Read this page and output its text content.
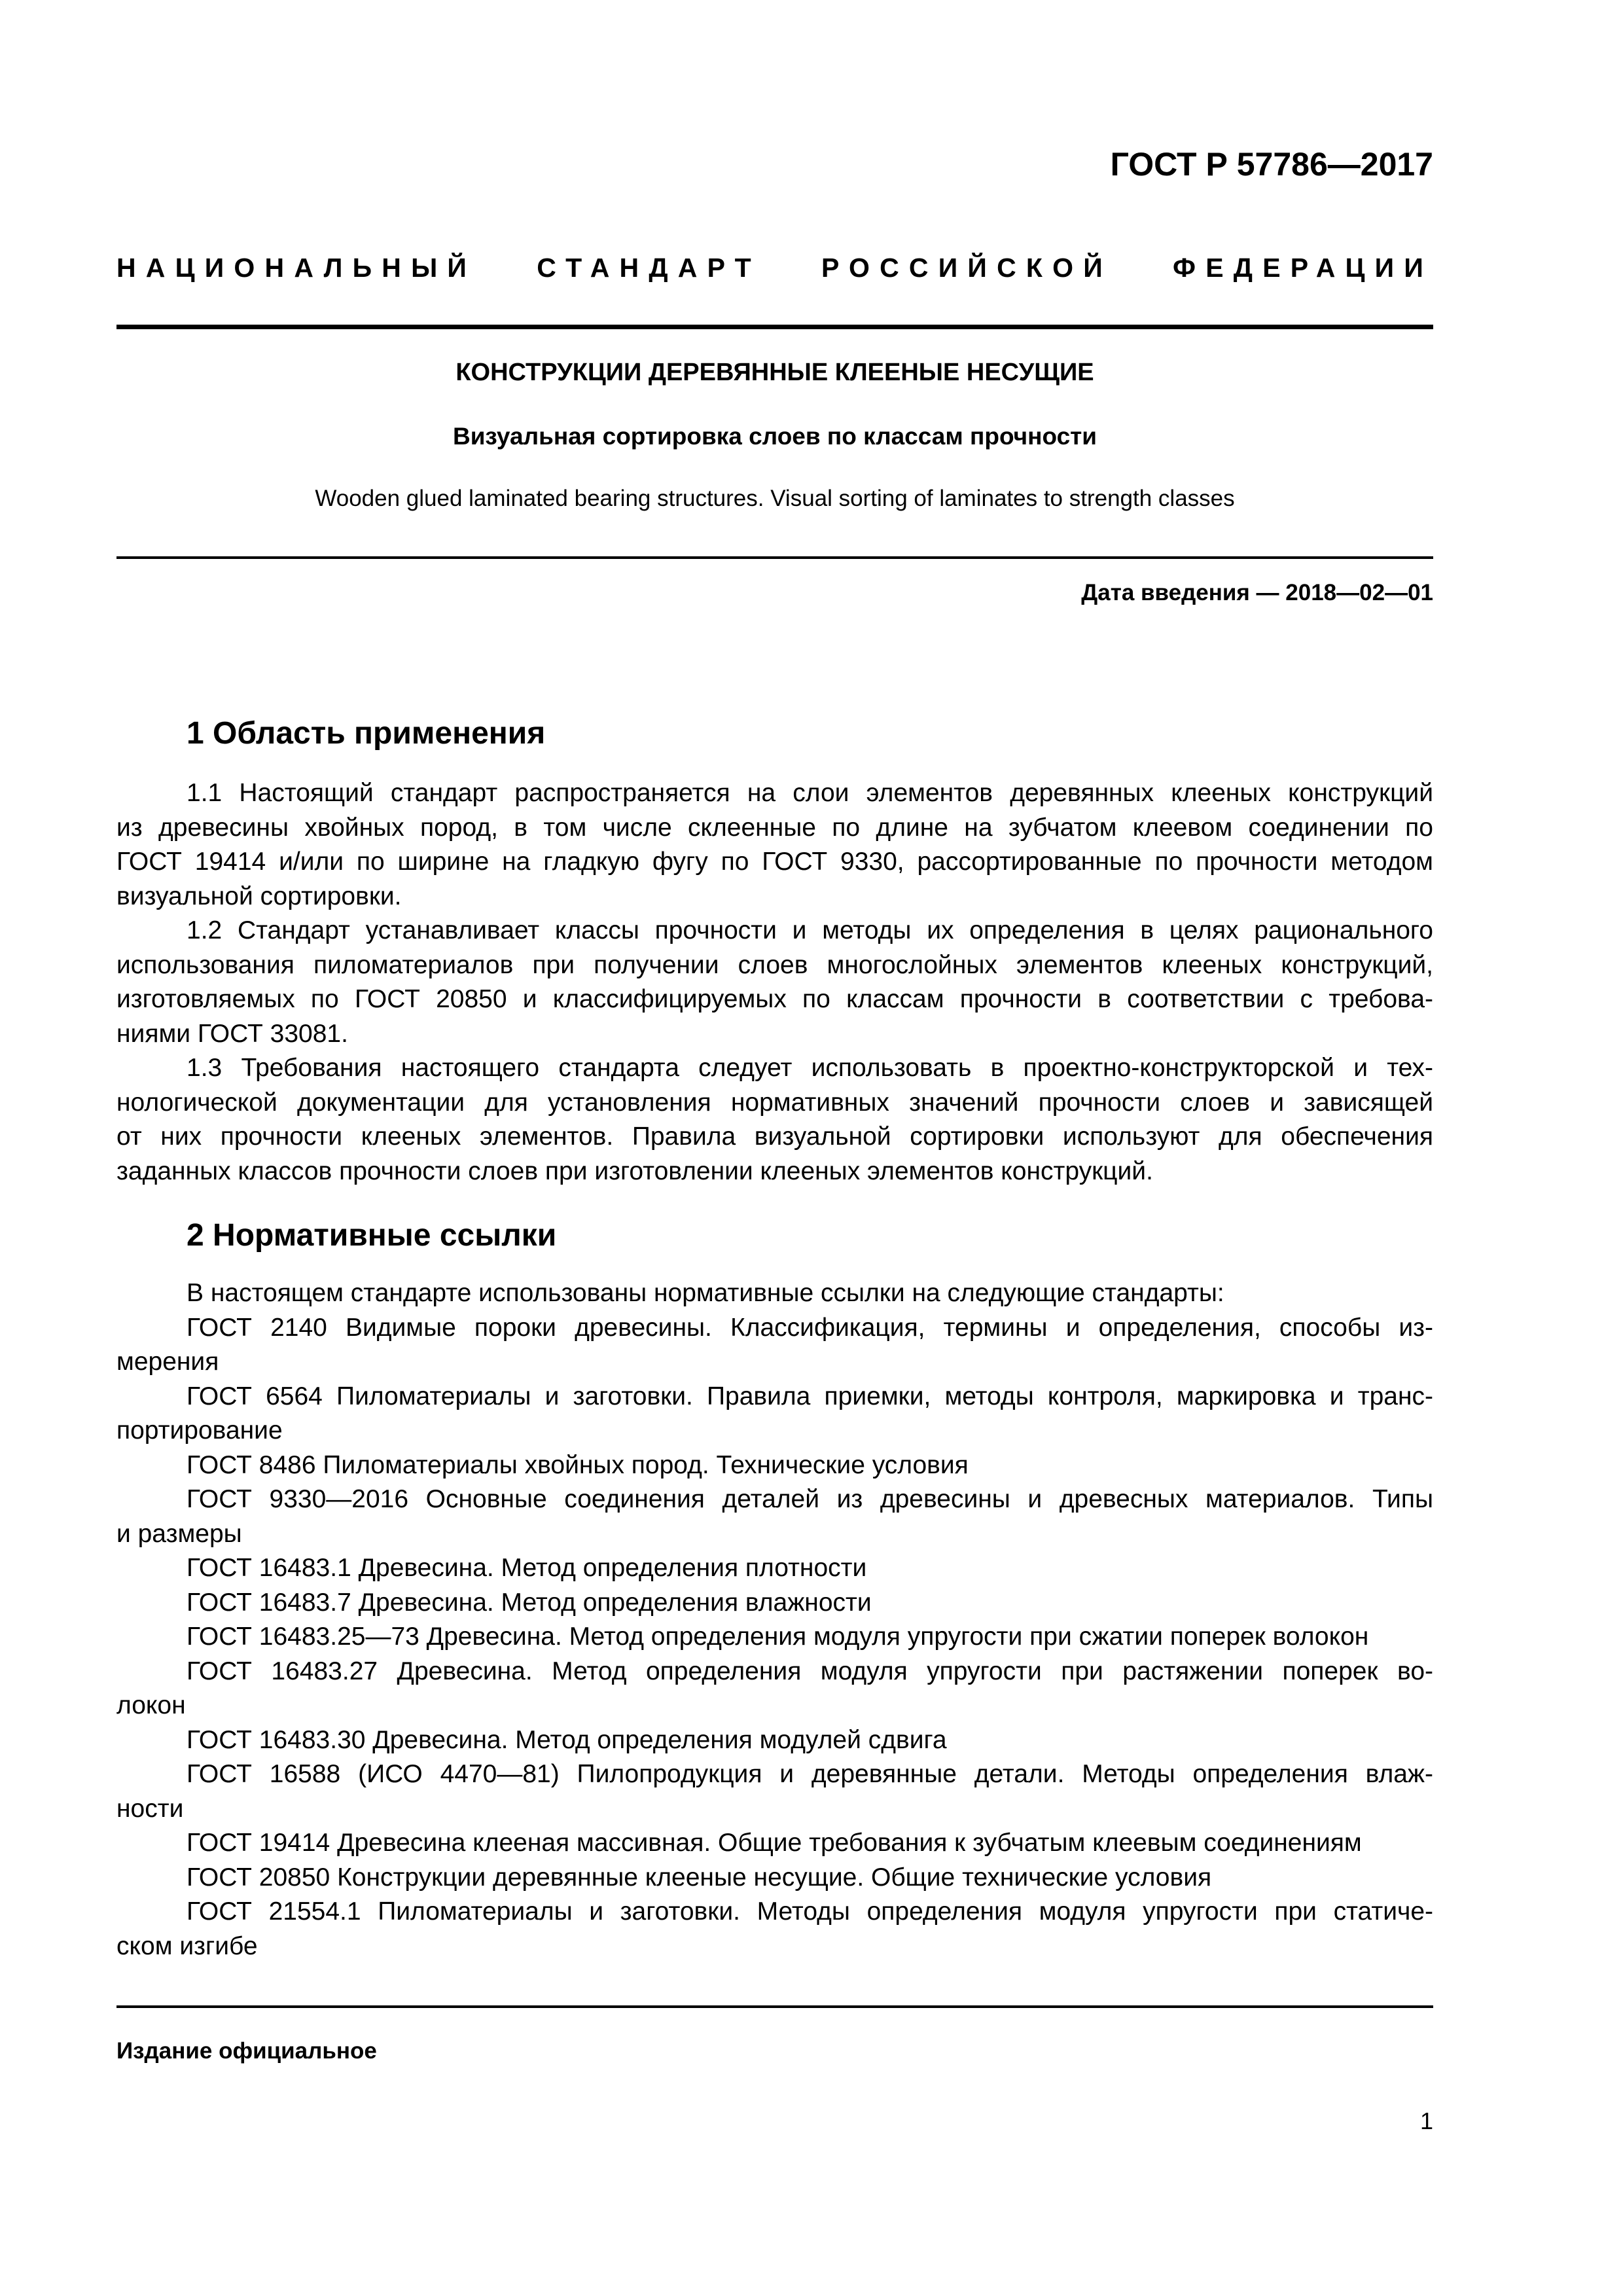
ГОСТ Р 57786—2017
НАЦИОНАЛЬНЫЙ СТАНДАРТ РОССИЙСКОЙ ФЕДЕРАЦИИ
КОНСТРУКЦИИ ДЕРЕВЯННЫЕ КЛЕЕНЫЕ НЕСУЩИЕ
Визуальная сортировка слоев по классам прочности
Wooden glued laminated bearing structures. Visual sorting of laminates to strength classes
Дата введения — 2018—02—01
1 Область применения
1.1 Настоящий стандарт распространяется на слои элементов деревянных клееных конструкций
из древесины хвойных пород, в том числе склеенные по длине на зубчатом клеевом соединении по
ГОСТ 19414 и/или по ширине на гладкую фугу по ГОСТ 9330, рассортированные по прочности методом
визуальной сортировки.
1.2 Стандарт устанавливает классы прочности и методы их определения в целях рационального
использования пиломатериалов при получении слоев многослойных элементов клееных конструкций,
изготовляемых по ГОСТ 20850 и классифицируемых по классам прочности в соответствии с требова-
ниями ГОСТ 33081.
1.3 Требования настоящего стандарта следует использовать в проектно-конструкторской и тех-
нологической документации для установления нормативных значений прочности слоев и зависящей
от них прочности клееных элементов. Правила визуальной сортировки используют для обеспечения
заданных классов прочности слоев при изготовлении клееных элементов конструкций.
2 Нормативные ссылки
В настоящем стандарте использованы нормативные ссылки на следующие стандарты:
ГОСТ 2140 Видимые пороки древесины. Классификация, термины и определения, способы из-
мерения
ГОСТ 6564 Пиломатериалы и заготовки. Правила приемки, методы контроля, маркировка и транс-
портирование
ГОСТ 8486 Пиломатериалы хвойных пород. Технические условия
ГОСТ 9330—2016 Основные соединения деталей из древесины и древесных материалов. Типы
и размеры
ГОСТ 16483.1 Древесина. Метод определения плотности
ГОСТ 16483.7 Древесина. Метод определения влажности
ГОСТ 16483.25—73 Древесина. Метод определения модуля упругости при сжатии поперек волокон
ГОСТ 16483.27 Древесина. Метод определения модуля упругости при растяжении поперек во-
локон
ГОСТ 16483.30 Древесина. Метод определения модулей сдвига
ГОСТ 16588 (ИСО 4470—81) Пилопродукция и деревянные детали. Методы определения влаж-
ности
ГОСТ 19414 Древесина клееная массивная. Общие требования к зубчатым клеевым соединениям
ГОСТ 20850 Конструкции деревянные клееные несущие. Общие технические условия
ГОСТ 21554.1 Пиломатериалы и заготовки. Методы определения модуля упругости при статиче-
ском изгибе
Издание официальное
1
